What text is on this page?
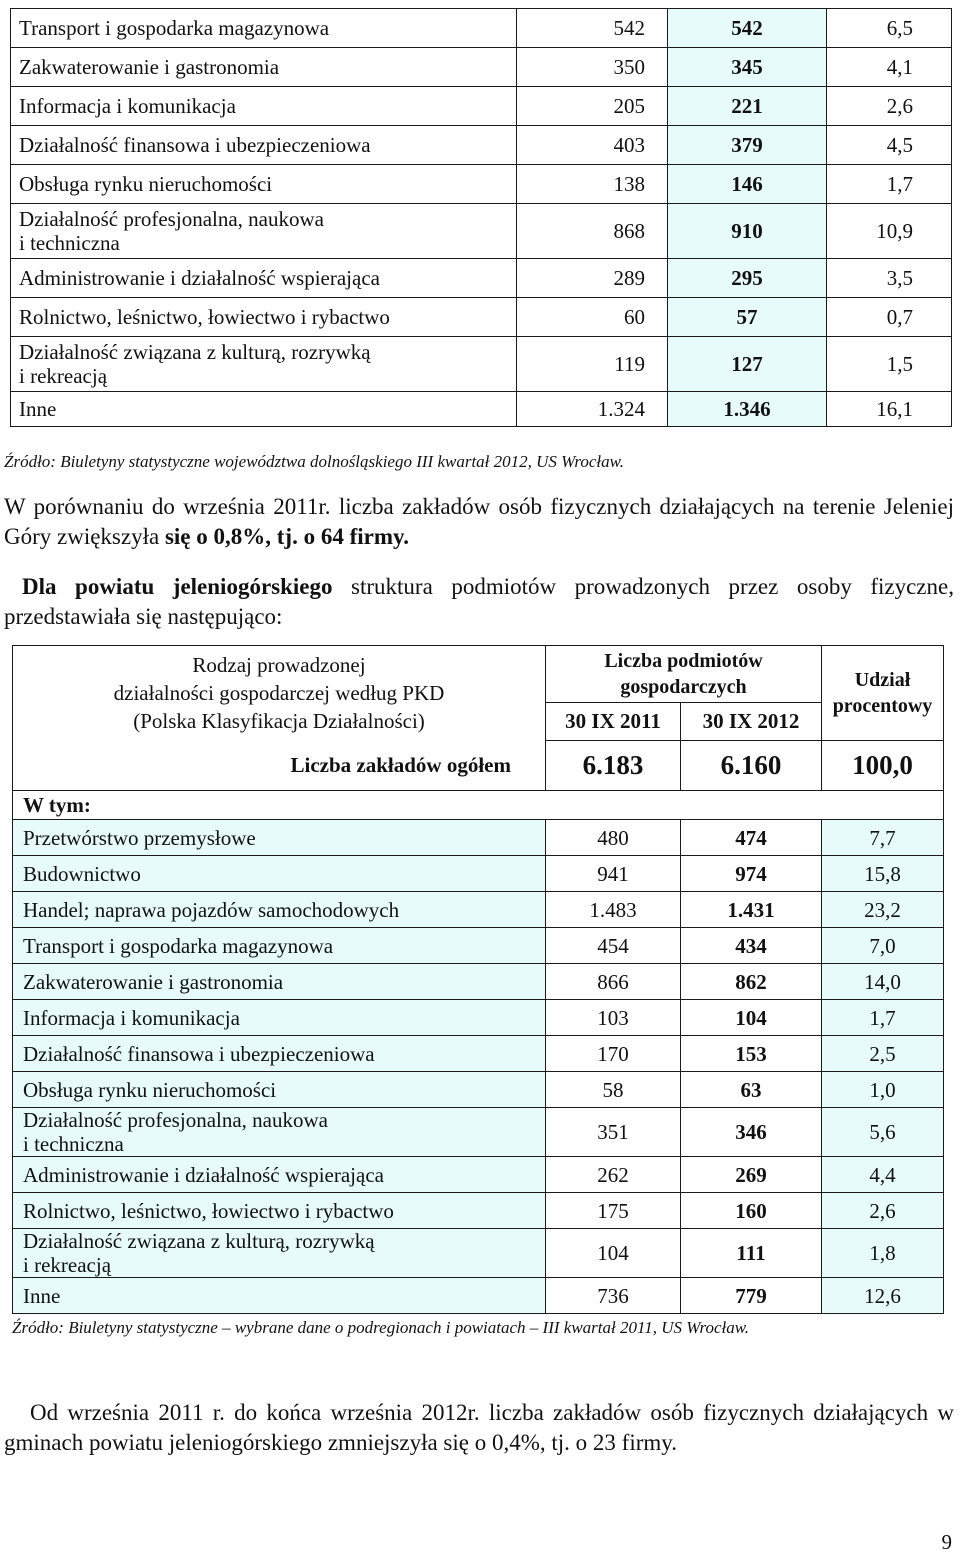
Transport i gospodarka magazynowa	542	542	6,5
Zakwaterowanie i gastronomia	350	345	4,1
Informacja i komunikacja	205	221	2,6
Działalność finansowa i ubezpieczeniowa	403	379	4,5
Obsługa rynku nieruchomości	138	146	1,7
Działalność profesjonalna, naukowa
i techniczna	868	910	10,9
Administrowanie i działalność wspierająca	289	295	3,5
Rolnictwo, leśnictwo, łowiectwo i rybactwo	60	57	0,7
Działalność związana z kulturą, rozrywką
i rekreacją	119	127	1,5
Inne	1.324	1.346	16,1
Źródło: Biuletyny statystyczne województwa dolnośląskiego III kwartał 2012, US Wrocław.
W porównaniu do września 2011r. liczba zakładów osób fizycznych działających na terenie Jeleniej Góry zwiększyła się o 0,8%, tj. o 64 firmy.
Dla powiatu jeleniogórskiego struktura podmiotów prowadzonych przez osoby fizyczne, przedstawiała się następująco:
Rodzaj prowadzonej
działalności gospodarczej według PKD
(Polska Klasyfikacja Działalności)	Liczba podmiotów gospodarczych		Udział procentowy
	30 IX 2011	30 IX 2012	
Liczba zakładów ogółem	6.183	6.160	100,0
W tym:			
Przetwórstwo przemysłowe	480	474	7,7
Budownictwo	941	974	15,8
Handel; naprawa pojazdów samochodowych	1.483	1.431	23,2
Transport i gospodarka magazynowa	454	434	7,0
Zakwaterowanie i gastronomia	866	862	14,0
Informacja i komunikacja	103	104	1,7
Działalność finansowa i ubezpieczeniowa	170	153	2,5
Obsługa rynku nieruchomości	58	63	1,0
Działalność profesjonalna, naukowa
i techniczna	351	346	5,6
Administrowanie i działalność wspierająca	262	269	4,4
Rolnictwo, leśnictwo, łowiectwo i rybactwo	175	160	2,6
Działalność związana z kulturą, rozrywką
i rekreacją	104	111	1,8
Inne	736	779	12,6
Źródło: Biuletyny statystyczne – wybrane dane o podregionach i powiatach – III kwartał 2011, US Wrocław.
Od września 2011 r. do końca września 2012r. liczba zakładów osób fizycznych działających w gminach powiatu jeleniogórskiego zmniejszyła się o 0,4%, tj. o 23 firmy.
9
